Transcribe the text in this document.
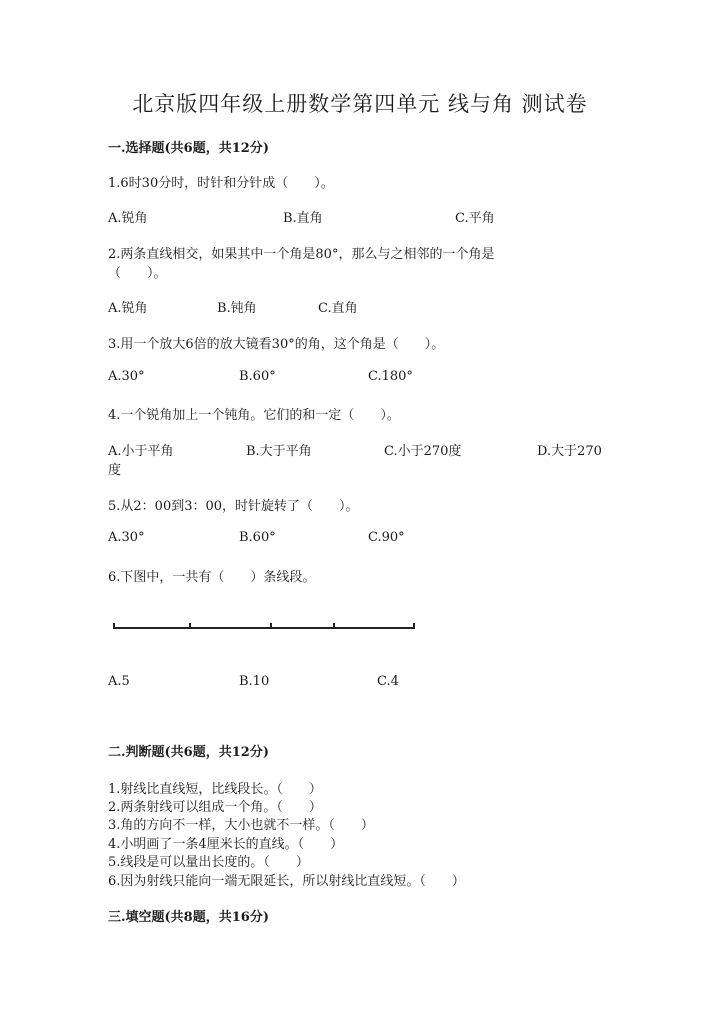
北京版四年级上册数学第四单元 线与角 测试卷
一.选择题(共6题，共12分)
1.6时30分时，时针和分针成（　　）。
A.锐角	B.直角	C.平角
2.两条直线相交，如果其中一个角是80°，那么与之相邻的一个角是
（　　）。
A.锐角	B.钝角	C.直角
3.用一个放大6倍的放大镜看30°的角，这个角是（　　）。
A.30°	B.60°	C.180°
4.一个锐角加上一个钝角。它们的和一定（　　）。
A.小于平角	B.大于平角	C.小于270度	D.大于270
度
5.从2：00到3：00，时针旋转了（　　）。
A.30°	B.60°	C.90°
6.下图中，一共有（　　）条线段。
A.5	B.10	C.4
二.判断题(共6题，共12分)
1.射线比直线短，比线段长。（　　）
2.两条射线可以组成一个角。（　　）
3.角的方向不一样，大小也就不一样。（　　）
4.小明画了一条4厘米长的直线。（　　）
5.线段是可以量出长度的。（　　）
6.因为射线只能向一端无限延长，所以射线比直线短。（　　）
三.填空题(共8题，共16分)
